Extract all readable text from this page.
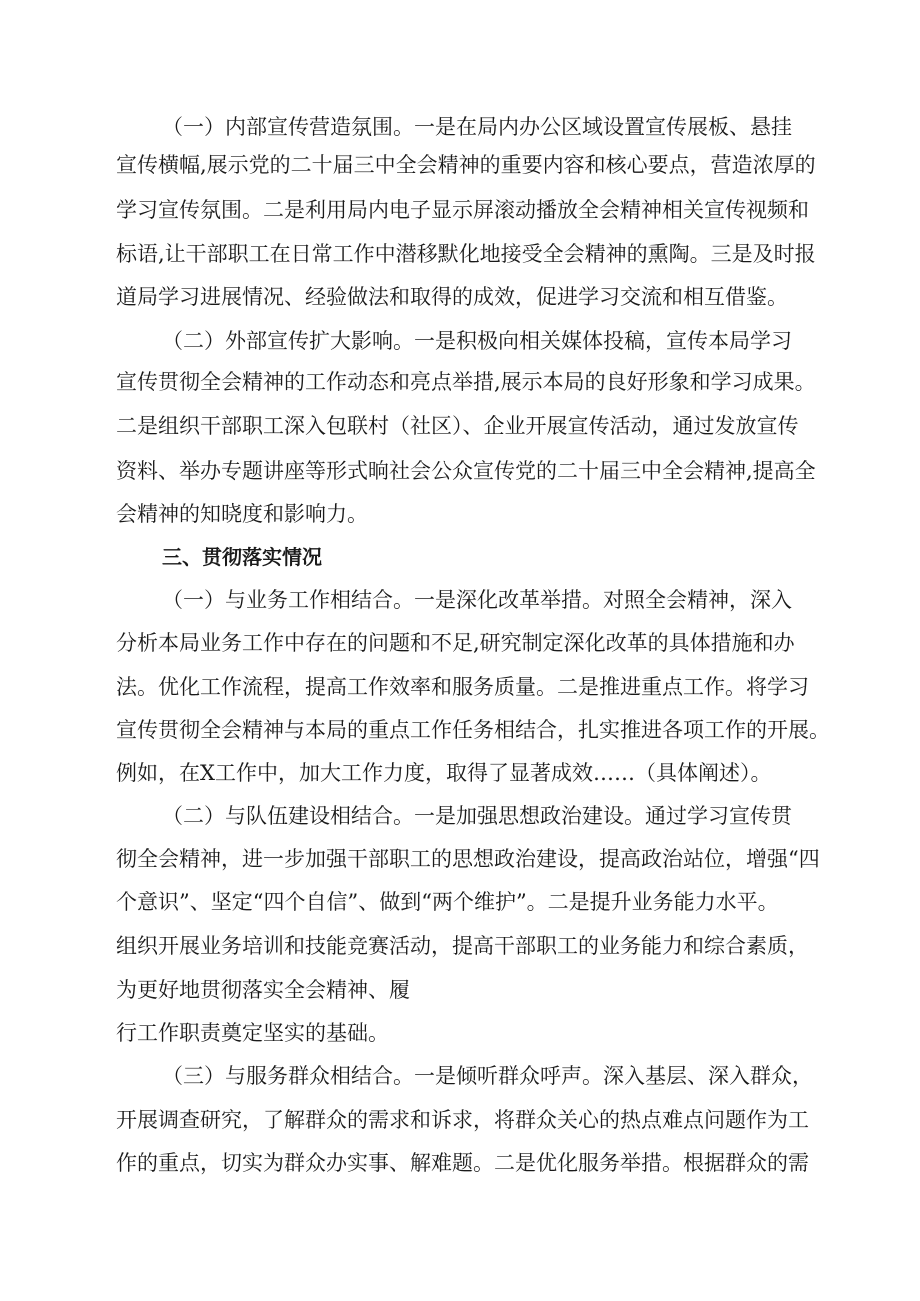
（一）内部宣传营造氛围。一是在局内办公区域设置宣传展板、悬挂
宣传横幅,展示党的二十届三中全会精神的重要内容和核心要点，营造浓厚的
学习宣传氛围。二是利用局内电子显示屏滚动播放全会精神相关宣传视频和
标语,让干部职工在日常工作中潜移默化地接受全会精神的熏陶。三是及时报
道局学习进展情况、经验做法和取得的成效，促进学习交流和相互借鉴。
（二）外部宣传扩大影响。一是积极向相关媒体投稿，宣传本局学习
宣传贯彻全会精神的工作动态和亮点举措,展示本局的良好形象和学习成果。
二是组织干部职工深入包联村（社区）、企业开展宣传活动，通过发放宣传
资料、举办专题讲座等形式晌社会公众宣传党的二十届三中全会精神,提高全
会精神的知晓度和影响力。
三、贯彻落实情况
（一）与业务工作相结合。一是深化改革举措。对照全会精神，深入
分析本局业务工作中存在的问题和不足,研究制定深化改革的具体措施和办
法。优化工作流程，提高工作效率和服务质量。二是推进重点工作。将学习
宣传贯彻全会精神与本局的重点工作任务相结合，扎实推进各项工作的开展。
例如，在X工作中，加大工作力度，取得了显著成效……（具体阐述）。
（二）与队伍建设相结合。一是加强思想政治建设。通过学习宣传贯
彻全会精神，进一步加强干部职工的思想政治建设，提高政治站位，增强“四
个意识”、坚定“四个自信”、做到“两个维护”。二是提升业务能力水平。
组织开展业务培训和技能竞赛活动，提高干部职工的业务能力和综合素质，
为更好地贯彻落实全会精神、履
行工作职责奠定坚实的基础。
（三）与服务群众相结合。一是倾听群众呼声。深入基层、深入群众，
开展调查研究，了解群众的需求和诉求，将群众关心的热点难点问题作为工
作的重点，切实为群众办实事、解难题。二是优化服务举措。根据群众的需
